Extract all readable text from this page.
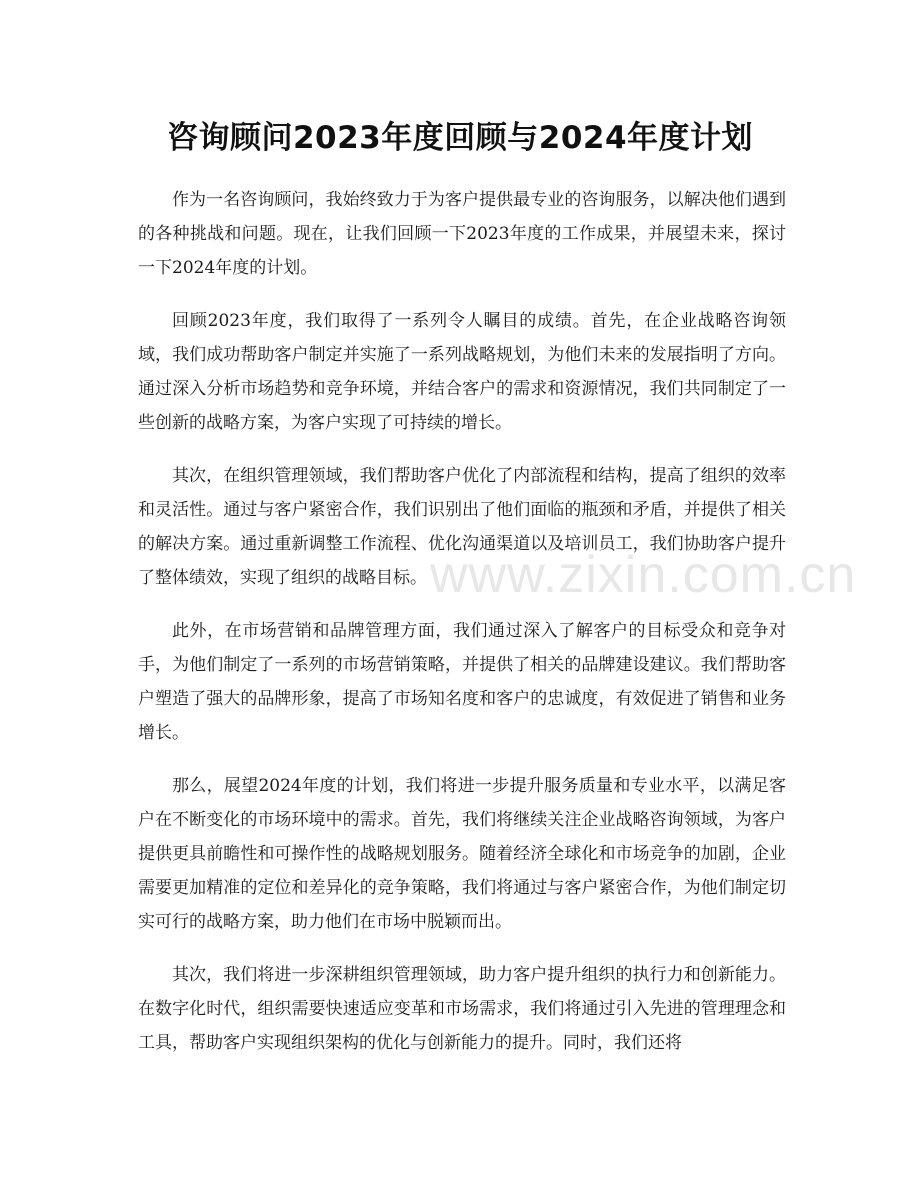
咨询顾问2023年度回顾与2024年度计划

作为一名咨询顾问，我始终致力于为客户提供最专业的咨询服务，以解决他们遇到的各种挑战和问题。现在，让我们回顾一下2023年度的工作成果，并展望未来，探讨一下2024年度的计划。

回顾2023年度，我们取得了一系列令人瞩目的成绩。首先，在企业战略咨询领域，我们成功帮助客户制定并实施了一系列战略规划，为他们未来的发展指明了方向。通过深入分析市场趋势和竞争环境，并结合客户的需求和资源情况，我们共同制定了一些创新的战略方案，为客户实现了可持续的增长。

其次，在组织管理领域，我们帮助客户优化了内部流程和结构，提高了组织的效率和灵活性。通过与客户紧密合作，我们识别出了他们面临的瓶颈和矛盾，并提供了相关的解决方案。通过重新调整工作流程、优化沟通渠道以及培训员工，我们协助客户提升了整体绩效，实现了组织的战略目标。

此外，在市场营销和品牌管理方面，我们通过深入了解客户的目标受众和竞争对手，为他们制定了一系列的市场营销策略，并提供了相关的品牌建设建议。我们帮助客户塑造了强大的品牌形象，提高了市场知名度和客户的忠诚度，有效促进了销售和业务增长。

那么，展望2024年度的计划，我们将进一步提升服务质量和专业水平，以满足客户在不断变化的市场环境中的需求。首先，我们将继续关注企业战略咨询领域，为客户提供更具前瞻性和可操作性的战略规划服务。随着经济全球化和市场竞争的加剧，企业需要更加精准的定位和差异化的竞争策略，我们将通过与客户紧密合作，为他们制定切实可行的战略方案，助力他们在市场中脱颖而出。

其次，我们将进一步深耕组织管理领域，助力客户提升组织的执行力和创新能力。在数字化时代，组织需要快速适应变革和市场需求，我们将通过引入先进的管理理念和工具，帮助客户实现组织架构的优化与创新能力的提升。同时，我们还将

www.zixin.com.cn
